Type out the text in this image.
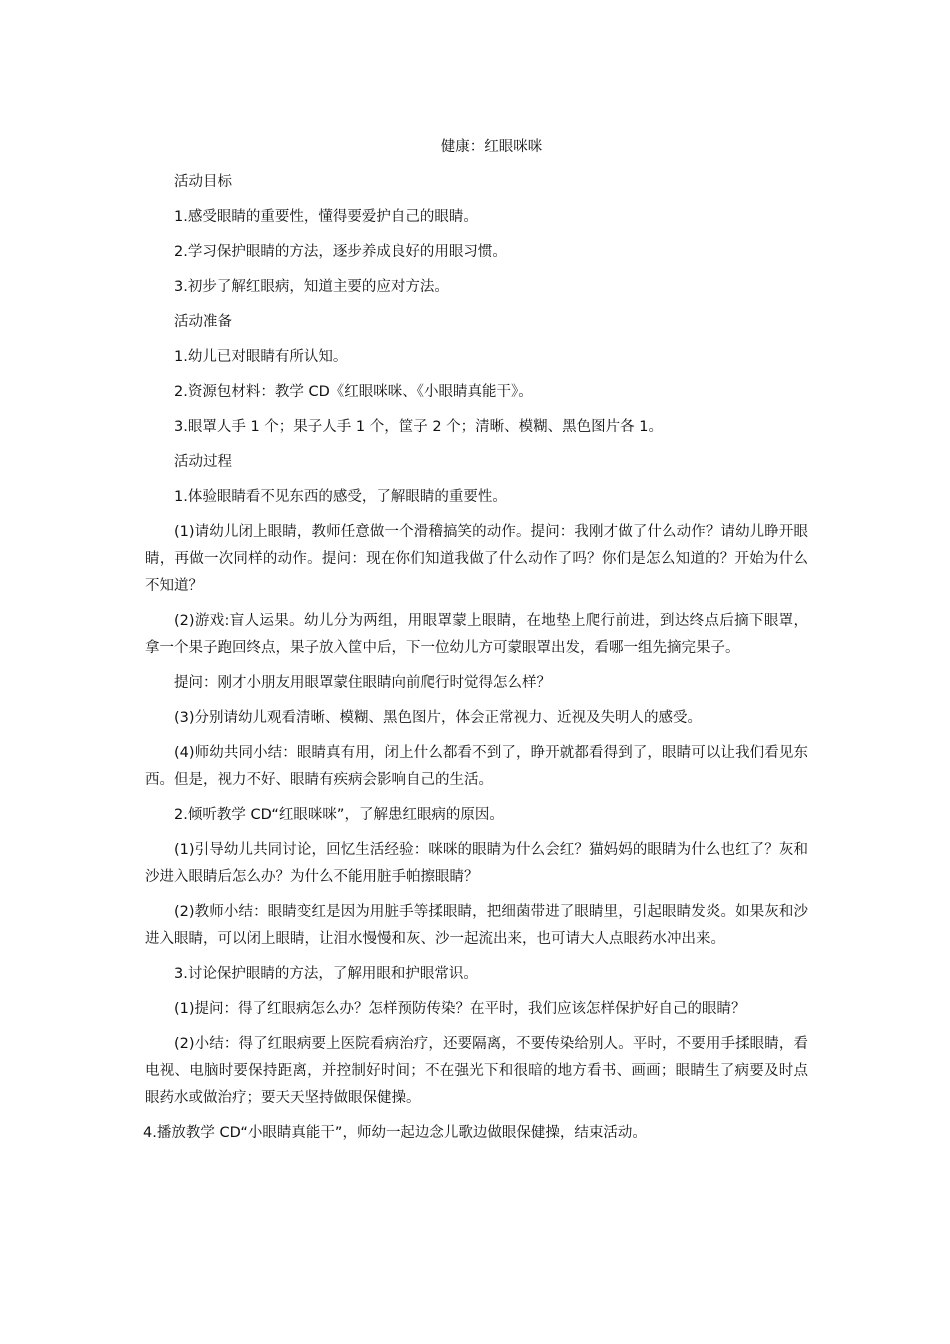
健康：红眼咪咪

活动目标

1.感受眼睛的重要性，懂得要爱护自己的眼睛。

2.学习保护眼睛的方法，逐步养成良好的用眼习惯。

3.初步了解红眼病，知道主要的应对方法。

活动准备

1.幼儿已对眼睛有所认知。

2.资源包材料：教学 CD《红眼咪咪、《小眼睛真能干》。

3.眼罩人手 1 个；果子人手 1 个，筐子 2 个；清晰、模糊、黑色图片各 1。

活动过程

1.体验眼睛看不见东西的感受，了解眼睛的重要性。

(1)请幼儿闭上眼睛，教师任意做一个滑稽搞笑的动作。提问：我刚才做了什么动作？请幼儿睁开眼睛，再做一次同样的动作。提问：现在你们知道我做了什么动作了吗？你们是怎么知道的？开始为什么不知道？

(2)游戏:盲人运果。幼儿分为两组，用眼罩蒙上眼睛，在地垫上爬行前进，到达终点后摘下眼罩，拿一个果子跑回终点，果子放入筐中后，下一位幼儿方可蒙眼罩出发，看哪一组先摘完果子。

提问：刚才小朋友用眼罩蒙住眼睛向前爬行时觉得怎么样？

(3)分别请幼儿观看清晰、模糊、黑色图片，体会正常视力、近视及失明人的感受。

(4)师幼共同小结：眼睛真有用，闭上什么都看不到了，睁开就都看得到了，眼睛可以让我们看见东西。但是，视力不好、眼睛有疾病会影响自己的生活。

2.倾听教学 CD“红眼咪咪”，了解患红眼病的原因。

(1)引导幼儿共同讨论，回忆生活经验：咪咪的眼睛为什么会红？猫妈妈的眼睛为什么也红了？灰和沙进入眼睛后怎么办？为什么不能用脏手帕擦眼睛？

(2)教师小结：眼睛变红是因为用脏手等揉眼睛，把细菌带进了眼睛里，引起眼睛发炎。如果灰和沙进入眼睛，可以闭上眼睛，让泪水慢慢和灰、沙一起流出来，也可请大人点眼药水冲出来。

3.讨论保护眼睛的方法，了解用眼和护眼常识。

(1)提问：得了红眼病怎么办？怎样预防传染？在平时，我们应该怎样保护好自己的眼睛？

(2)小结：得了红眼病要上医院看病治疗，还要隔离，不要传染给别人。平时，不要用手揉眼睛，看电视、电脑时要保持距离，并控制好时间；不在强光下和很暗的地方看书、画画；眼睛生了病要及时点眼药水或做治疗；要天天坚持做眼保健操。

4.播放教学 CD“小眼睛真能干”，师幼一起边念儿歌边做眼保健操，结束活动。
